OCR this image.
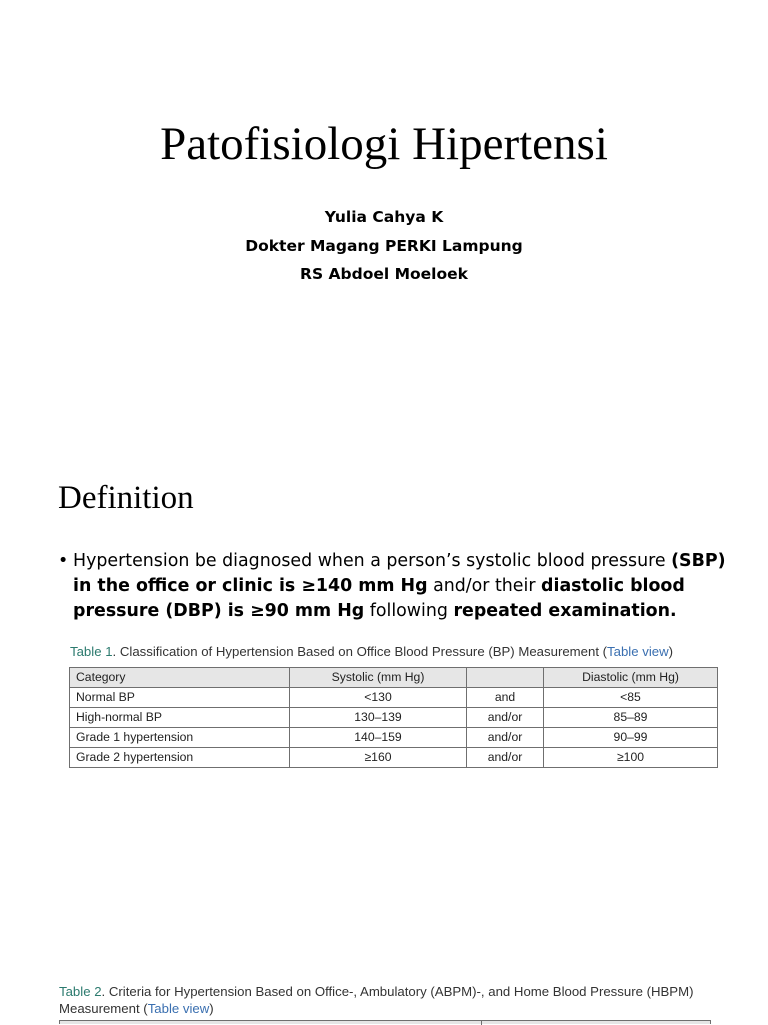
Patofisiologi Hipertensi
Yulia Cahya K
Dokter Magang PERKI Lampung
RS Abdoel Moeloek
Definition
• Hypertension be diagnosed when a person’s systolic blood pressure (SBP) in the office or clinic is ≥140 mm Hg and/or their diastolic blood pressure (DBP) is ≥90 mm Hg following repeated examination.
Table 1. Classification of Hypertension Based on Office Blood Pressure (BP) Measurement (Table view)
Category	Systolic (mm Hg)		Diastolic (mm Hg)
Normal BP	<130	and	<85
High-normal BP	130–139	and/or	85–89
Grade 1 hypertension	140–159	and/or	90–99
Grade 2 hypertension	≥160	and/or	≥100
Table 2. Criteria for Hypertension Based on Office-, Ambulatory (ABPM)-, and Home Blood Pressure (HBPM) Measurement (Table view)
